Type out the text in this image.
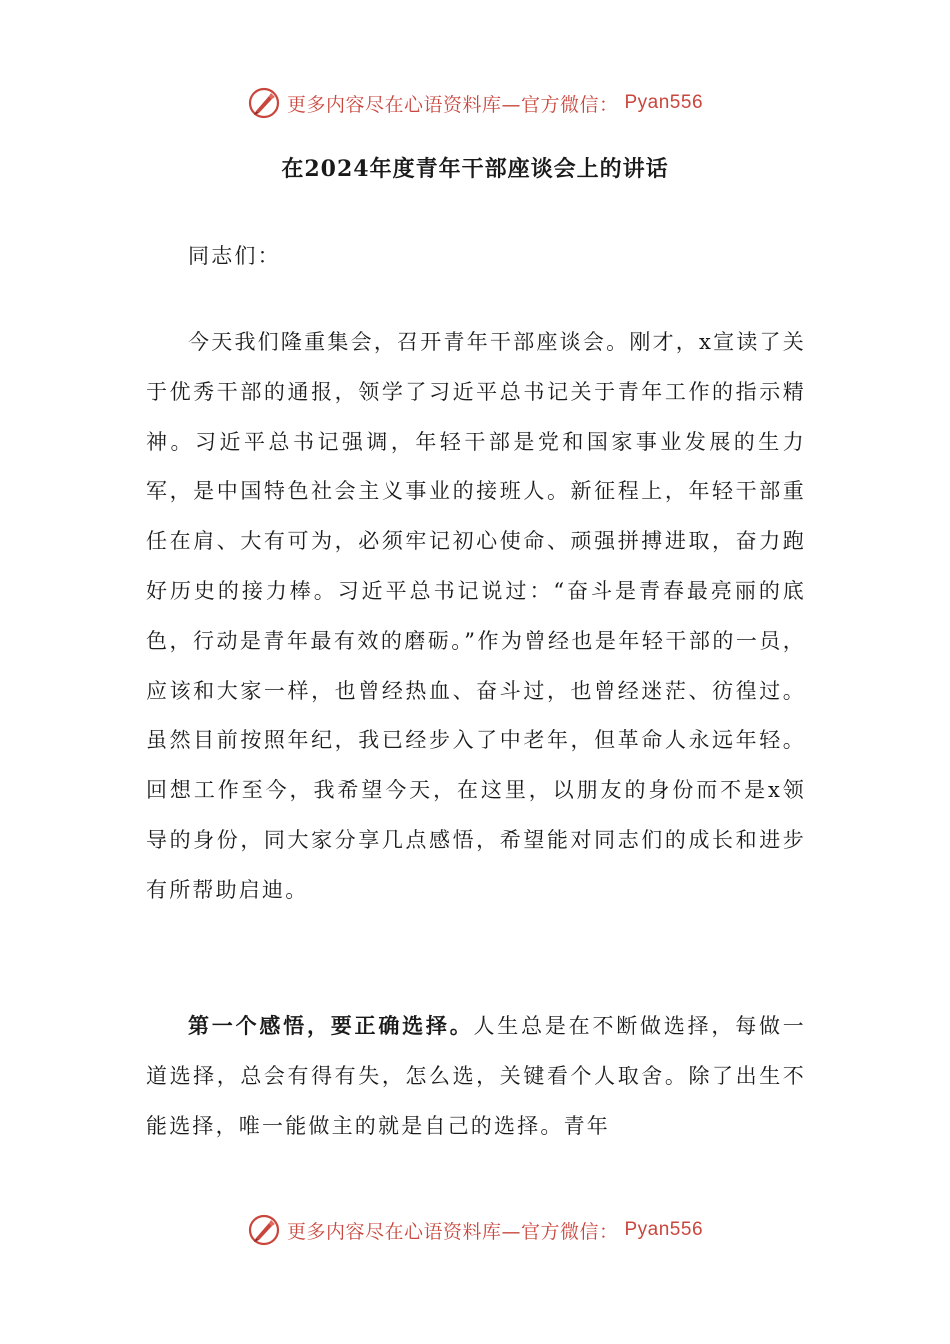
更多内容尽在心语资料库—官方微信： Pyan556
在2024年度青年干部座谈会上的讲话

同志们：

今天我们隆重集会，召开青年干部座谈会。刚才，x宣读了关于优秀干部的通报，领学了习近平总书记关于青年工作的指示精神。习近平总书记强调，年轻干部是党和国家事业发展的生力军，是中国特色社会主义事业的接班人。新征程上，年轻干部重任在肩、大有可为，必须牢记初心使命、顽强拼搏进取，奋力跑好历史的接力棒。习近平总书记说过：“奋斗是青春最亮丽的底色，行动是青年最有效的磨砺。”作为曾经也是年轻干部的一员，应该和大家一样，也曾经热血、奋斗过，也曾经迷茫、彷徨过。虽然目前按照年纪，我已经步入了中老年，但革命人永远年轻。回想工作至今，我希望今天，在这里，以朋友的身份而不是x领导的身份，同大家分享几点感悟，希望能对同志们的成长和进步有所帮助启迪。

第一个感悟，要正确选择。人生总是在不断做选择，每做一道选择，总会有得有失，怎么选，关键看个人取舍。除了出生不能选择，唯一能做主的就是自己的选择。青年

更多内容尽在心语资料库—官方微信： Pyan556
